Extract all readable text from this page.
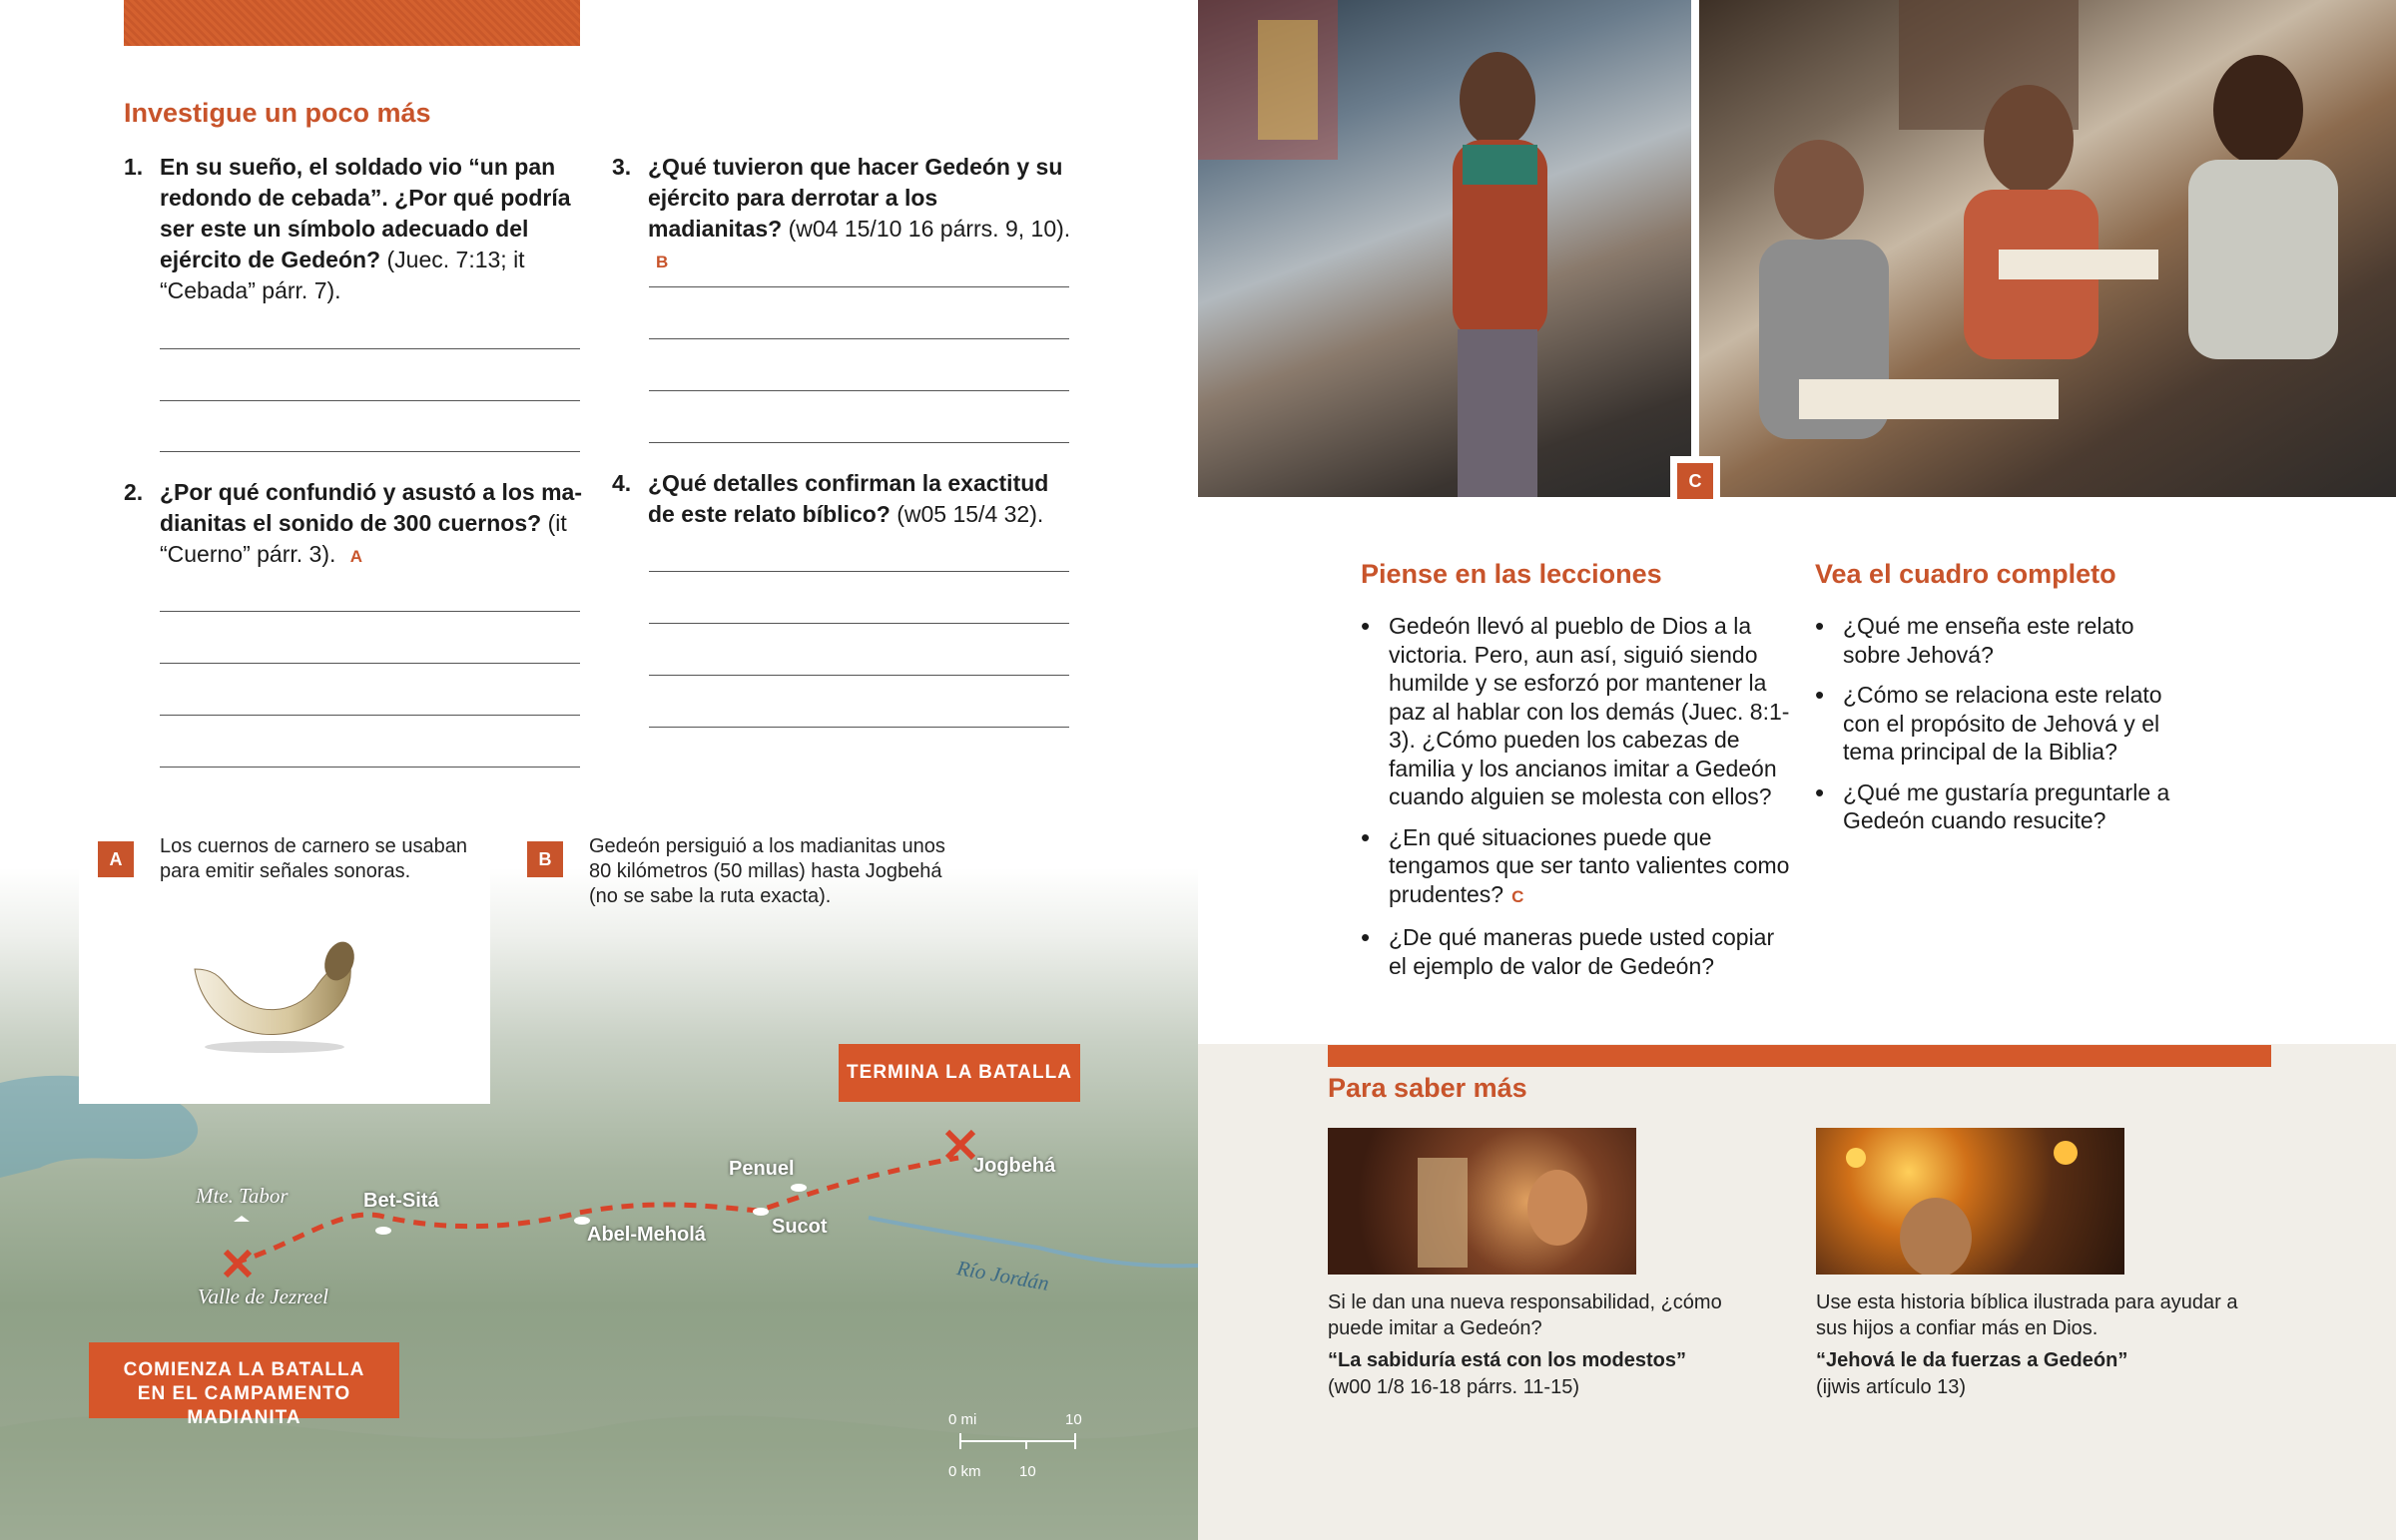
Investigue un poco más
1. En su sueño, el soldado vio “un pan redondo de cebada”. ¿Por qué podría ser este un símbolo adecuado del ejército de Gedeón? (Juec. 7:13; it “Cebada” párr. 7).
2. ¿Por qué confundió y asustó a los madianitas el sonido de 300 cuernos? (it “Cuerno” párr. 3). A
3. ¿Qué tuvieron que hacer Gedeón y su ejército para derrotar a los madianitas? (w04 15/10 16 párrs. 9, 10). B
4. ¿Qué detalles confirman la exactitud de este relato bíblico? (w05 15/4 32).
Mte. Tabor	Bet-Sitá
Abel-Meholá
Penuel
Sucot
Jogbehá
Valle de Jezreel
Río Jordán
TERMINA LA BATALLA
COMIENZA LA BATALLA EN EL CAMPAMENTO MADIANITA	0 mi	10
0 km	10
A
Los cuernos de carnero se usaban para emitir señales sonoras.
B
Gedeón persiguió a los madianitas unos 80 kilómetros (50 millas) hasta Jogbehá (no se sabe la ruta exacta).
C
Piense en las lecciones
• Gedeón llevó al pueblo de Dios a la victoria. Pero, aun así, siguió siendo humilde y se esforzó por mantener la paz al hablar con los demás (Juec. 8:1-3). ¿Cómo pueden los cabezas de familia y los ancianos imitar a Gedeón cuando alguien se molesta con ellos?
• ¿En qué situaciones puede que tengamos que ser tanto valientes como prudentes? C
• ¿De qué maneras puede usted copiar el ejemplo de valor de Gedeón?
Vea el cuadro completo
• ¿Qué me enseña este relato sobre Jehová?
• ¿Cómo se relaciona este relato con el propósito de Jehová y el tema principal de la Biblia?
• ¿Qué me gustaría preguntarle a Gedeón cuando resucite?
Para saber más
Si le dan una nueva responsabilidad, ¿cómo puede imitar a Gedeón?
“La sabiduría está con los modestos”
(w00 1/8 16-18 párrs. 11-15)
Use esta historia bíblica ilustrada para ayudar a sus hijos a confiar más en Dios.
“Jehová le da fuerzas a Gedeón”
(ijwis artículo 13)
